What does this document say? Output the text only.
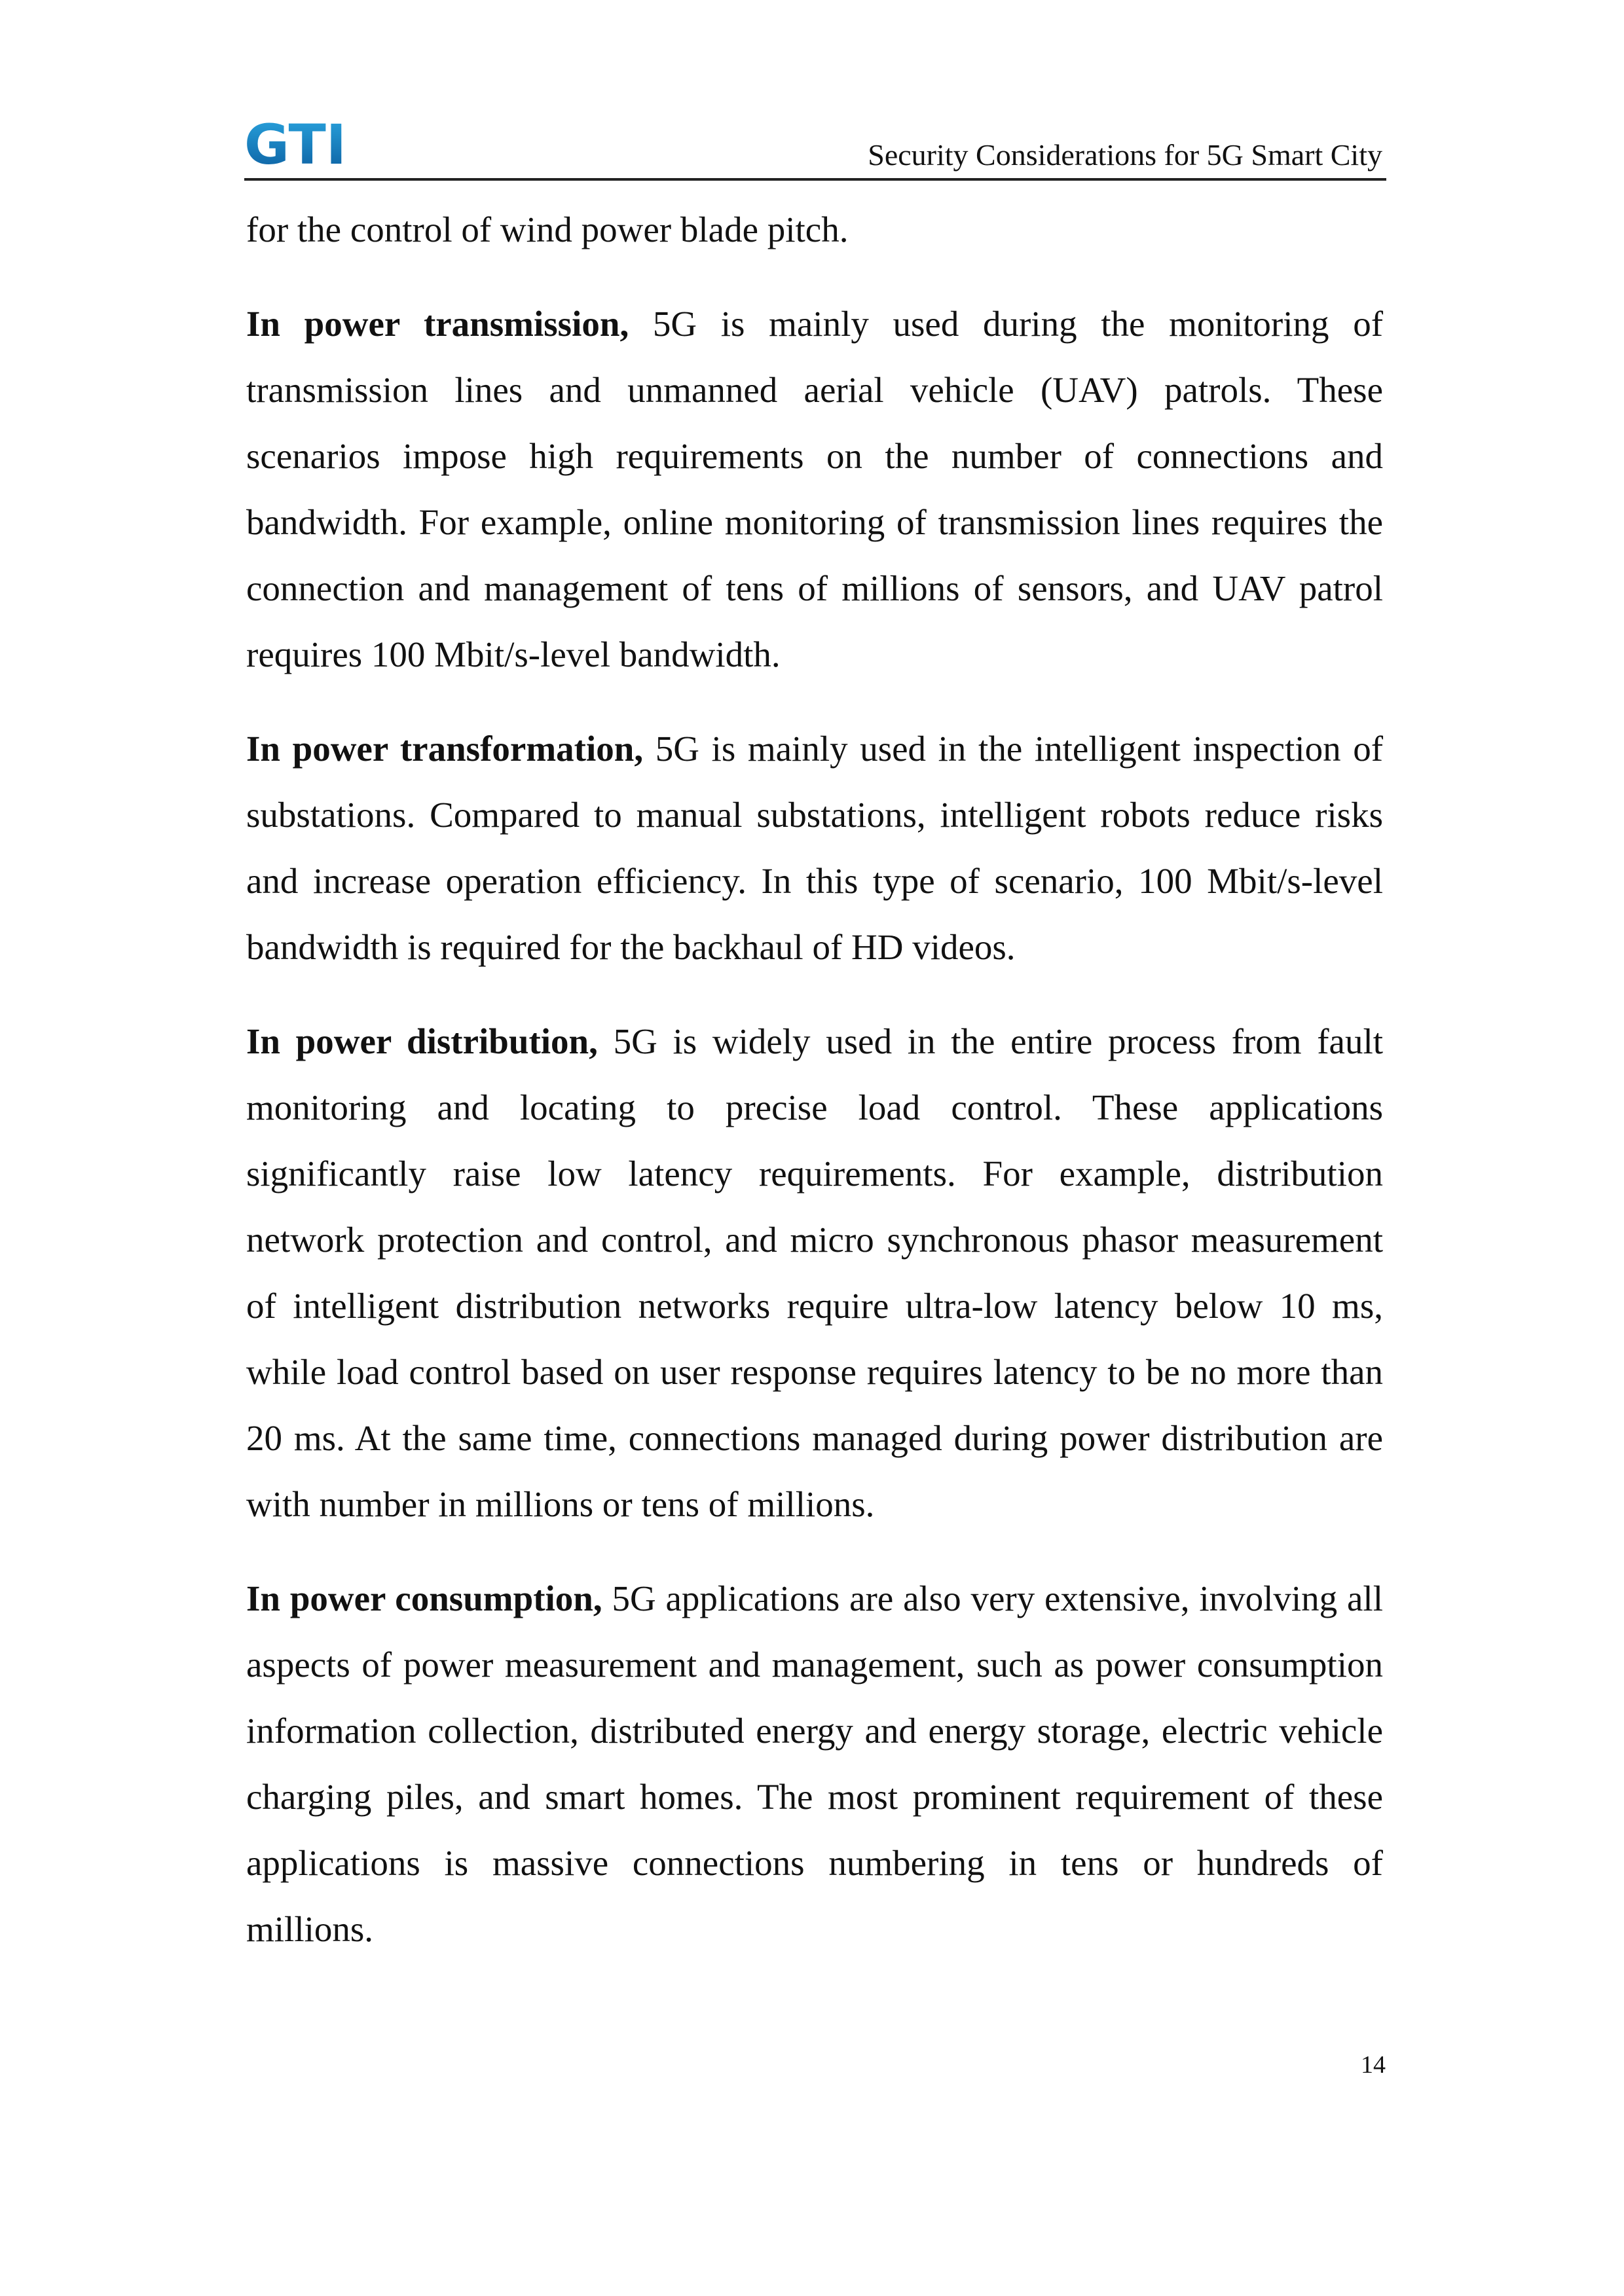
GTI	Security Considerations for 5G Smart City

for the control of wind power blade pitch.

In power transmission, 5G is mainly used during the monitoring of transmission lines and unmanned aerial vehicle (UAV) patrols. These scenarios impose high requirements on the number of connections and bandwidth. For example, online monitoring of transmission lines requires the connection and management of tens of millions of sensors, and UAV patrol requires 100 Mbit/s-level bandwidth.

In power transformation, 5G is mainly used in the intelligent inspection of substations. Compared to manual substations, intelligent robots reduce risks and increase operation efficiency. In this type of scenario, 100 Mbit/s-level bandwidth is required for the backhaul of HD videos.

In power distribution, 5G is widely used in the entire process from fault monitoring and locating to precise load control. These applications significantly raise low latency requirements. For example, distribution network protection and control, and micro synchronous phasor measurement of intelligent distribution networks require ultra-low latency below 10 ms, while load control based on user response requires latency to be no more than 20 ms. At the same time, connections managed during power distribution are with number in millions or tens of millions.

In power consumption, 5G applications are also very extensive, involving all aspects of power measurement and management, such as power consumption information collection, distributed energy and energy storage, electric vehicle charging piles, and smart homes. The most prominent requirement of these applications is massive connections numbering in tens or hundreds of millions.

14
